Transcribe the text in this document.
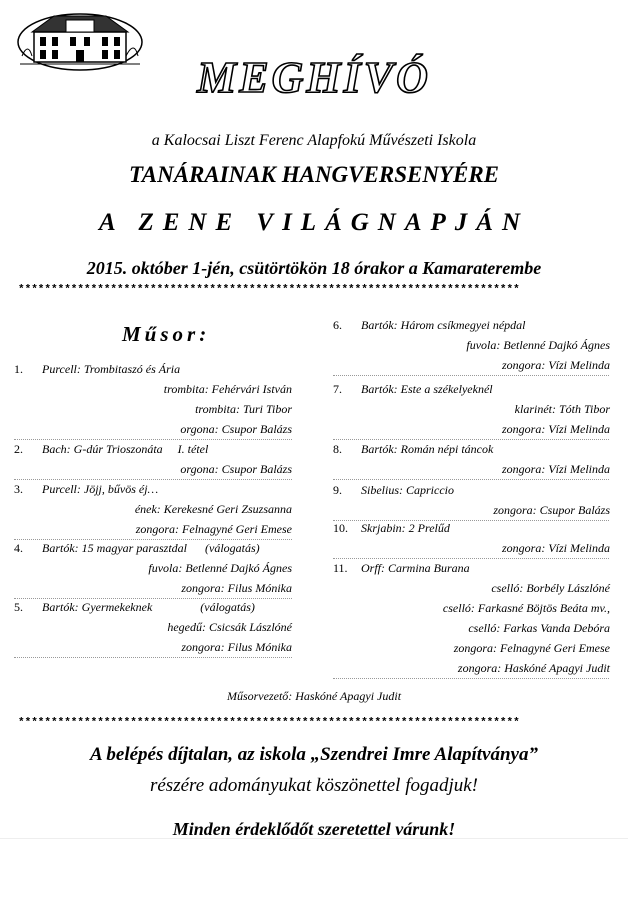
MEGHÍVÓ
a Kalocsai Liszt Ferenc Alapfokú Művészeti Iskola
TANÁRAINAK HANGVERSENYÉRE
A ZENE VILÁGNAPJÁN
2015. október 1-jén, csütörtökön 18 órakor a Kamaraterembe
****************************************************************************
Műsor:
Műsorvezető: Haskóné Apagyi Judit
****************************************************************************
A belépés díjtalan, az iskola „Szendrei Imre Alapítványa”
részére adományukat köszönettel fogadjuk!
Minden érdeklődőt szeretettel várunk!
1. Purcell: Trombitaszó és Ária
trombita: Fehérvári István
trombita: Turi Tibor
orgona: Csupor Balázs
2. Bach: G-dúr Trioszonáta     I. tétel
orgona: Csupor Balázs
3. Purcell: Jöjj, bűvös éj…
ének: Kerekesné Geri Zsuzsanna
zongora: Felnagyné Geri Emese
4. Bartók: 15 magyar parasztdal      (válogatás)
fuvola: Betlenné Dajkó Ágnes
zongora: Filus Mónika
5. Bartók: Gyermekeknek                (válogatás)
hegedű: Csicsák Lászlóné
zongora: Filus Mónika
6. Bartók: Három csíkmegyei népdal
fuvola: Betlenné Dajkó Ágnes
zongora: Vízi Melinda
7. Bartók: Este a székelyeknél
klarinét: Tóth Tibor
zongora: Vízi Melinda
8. Bartók: Román népi táncok
zongora: Vízi Melinda
9. Sibelius: Capriccio
zongora: Csupor Balázs
10. Skrjabin: 2 Prelűd
zongora: Vízi Melinda
11. Orff: Carmina Burana
cselló: Borbély Lászlóné
cselló: Farkasné Böjtös Beáta mv.,
cselló: Farkas Vanda Debóra
zongora: Felnagyné Geri Emese
zongora: Haskóné Apagyi Judit
